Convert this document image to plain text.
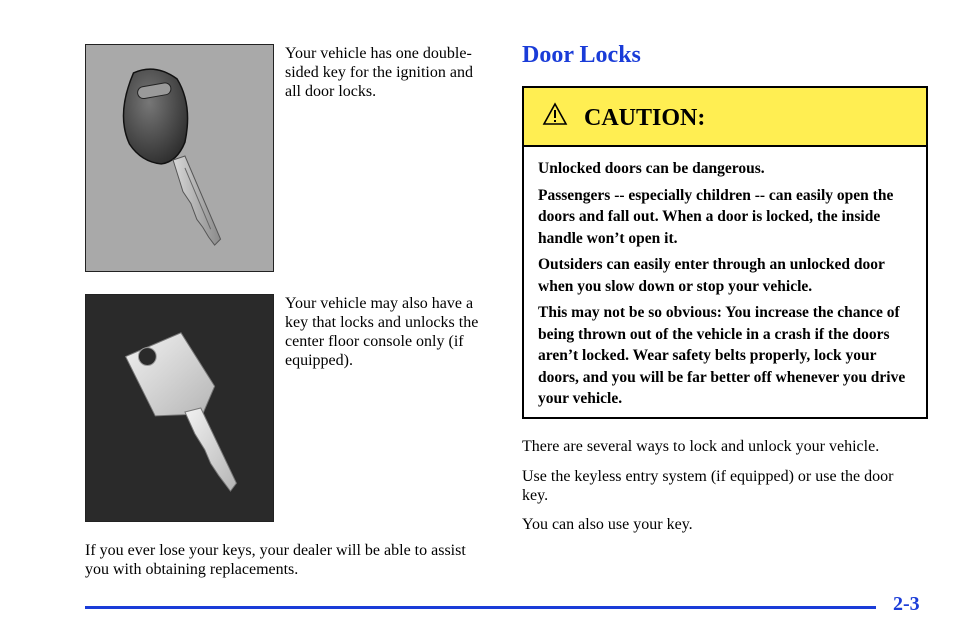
Your vehicle has one double-sided key for the ignition and all door locks.

Your vehicle may also have a key that locks and unlocks the center floor console only (if equipped).

If you ever lose your keys, your dealer will be able to assist you with obtaining replacements.

Door Locks
CAUTION:

Unlocked doors can be dangerous.

Passengers -- especially children -- can easily open the doors and fall out. When a door is locked, the inside handle won’t open it.

Outsiders can easily enter through an unlocked door when you slow down or stop your vehicle.

This may not be so obvious: You increase the chance of being thrown out of the vehicle in a crash if the doors aren’t locked. Wear safety belts properly, lock your doors, and you will be far better off whenever you drive your vehicle.

There are several ways to lock and unlock your vehicle.

Use the keyless entry system (if equipped) or use the door key.

You can also use your key.

2-3
